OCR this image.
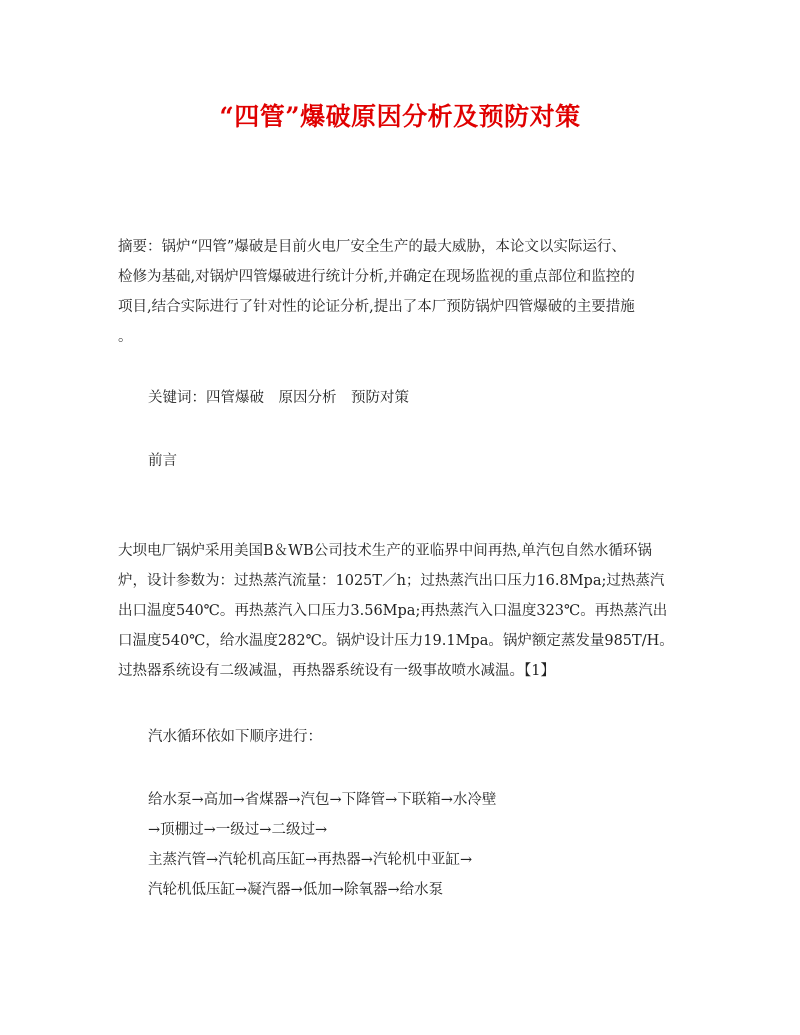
“四管”爆破原因分析及预防对策
摘要：锅炉“四管”爆破是目前火电厂安全生产的最大威胁，本论文以实际运行、
检修为基础,对锅炉四管爆破进行统计分析,并确定在现场监视的重点部位和监控的
项目,结合实际进行了针对性的论证分析,提出了本厂预防锅炉四管爆破的主要措施
。
关键词：四管爆破　原因分析　预防对策
前言
大坝电厂锅炉采用美国B＆WB公司技术生产的亚临界中间再热,单汽包自然水循环锅
炉，设计参数为：过热蒸汽流量：1025T／h；过热蒸汽出口压力16.8Mpa;过热蒸汽
出口温度540℃。再热蒸汽入口压力3.56Mpa;再热蒸汽入口温度323℃。再热蒸汽出
口温度540℃，给水温度282℃。锅炉设计压力19.1Mpa。锅炉额定蒸发量985T/H。
过热器系统设有二级减温，再热器系统设有一级事故喷水减温。【1】
汽水循环依如下顺序进行：
给水泵→高加→省煤器→汽包→下降管→下联箱→水冷壁
→顶棚过→一级过→二级过→
主蒸汽管→汽轮机高压缸→再热器→汽轮机中亚缸→
汽轮机低压缸→凝汽器→低加→除氧器→给水泵
